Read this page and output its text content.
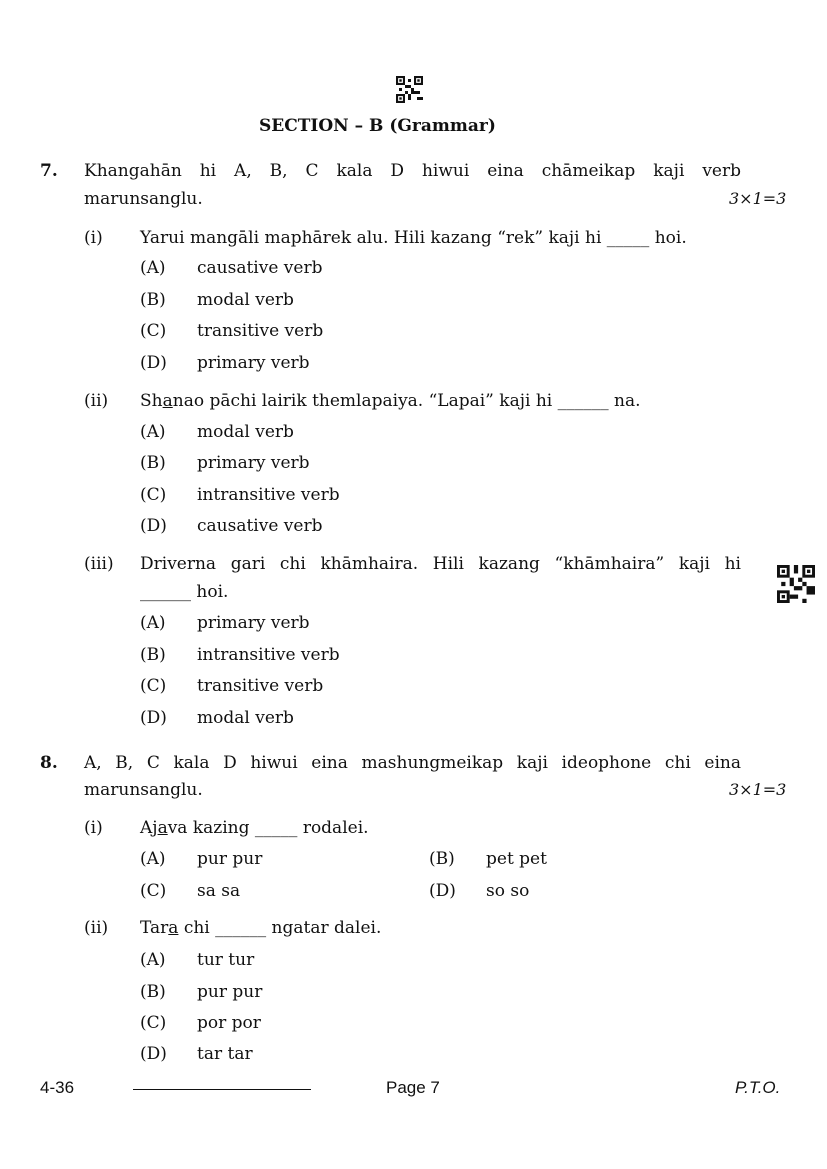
SECTION – B (Grammar)
7. Khangahān hi A, B, C kala D hiwui eina chāmeikap kaji verb
marunsanglu.	3×1=3
(i) Yarui mangāli maphārek alu. Hili kazang “rek” kaji hi _____ hoi.
(A) causative verb
(B) modal verb
(C) transitive verb
(D) primary verb
(ii) Shanao pāchi lairik themlapaiya. “Lapai” kaji hi ______ na.
(A) modal verb
(B) primary verb
(C) intransitive verb
(D) causative verb
(iii) Driverna gari chi khāmhaira. Hili kazang “khāmhaira” kaji hi
______ hoi.
(A) primary verb
(B) intransitive verb
(C) transitive verb
(D) modal verb
8. A, B, C kala D hiwui eina mashungmeikap kaji ideophone chi eina
marunsanglu.	3×1=3
(i) Ajava kazing _____ rodalei.
(A) pur pur	(B) pet pet
(C) sa sa	(D) so so
(ii) Tara chi ______ ngatar dalei.
(A) tur tur
(B) pur pur
(C) por por
(D) tar tar
4-36	Page 7	P.T.O.
